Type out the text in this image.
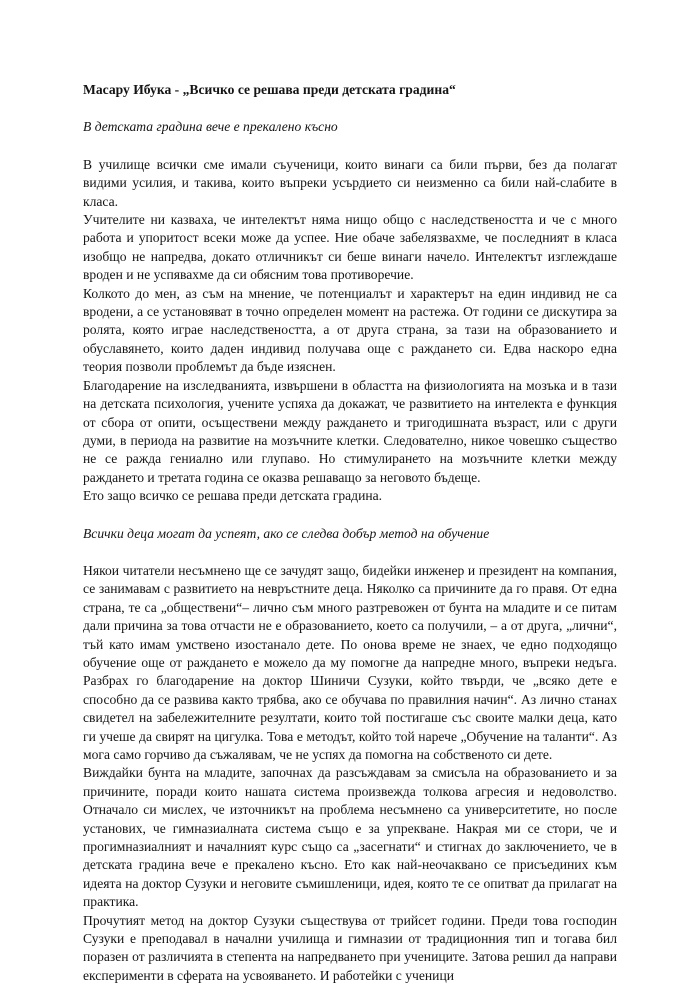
Масару Ибука - „Всичко се решава преди детската градина“

В детската градина вече е прекалено късно

В училище всички сме имали съученици, които винаги са били първи, без да полагат видими усилия, и такива, които въпреки усърдието си неизменно са били най-слабите в класа.

Учителите ни казваха, че интелектът няма нищо общо с наследствеността и че с много работа и упоритост всеки може да успее. Ние обаче забелязвахме, че последният в класа изобщо не напредва, докато отличникът си беше винаги начело. Интелектът изглеждаше вроден и не успявахме да си обясним това противоречие.

Колкото до мен, аз съм на мнение, че потенциалът и характерът на един индивид не са вродени, а се установяват в точно определен момент на растежа. От години се дискутира за ролята, която играе наследствеността, а от друга страна, за тази на образованието и обуславянето, които даден индивид получава още с раждането си. Едва наскоро една теория позволи проблемът да бъде изяснен.

Благодарение на изследванията, извършени в областта на физиологията на мозъка и в тази на детската психология, учените успяха да докажат, че развитието на интелекта е функция от сбора от опити, осъществени между раждането и тригодишната възраст, или с други думи, в периода на развитие на мозъчните клетки. Следователно, никое човешко същество не се ражда гениално или глупаво. Но стимулирането на мозъчните клетки между раждането и третата година се оказва решаващо за неговото бъдеще.

Ето защо всичко се решава преди детската градина.

Всички деца могат да успеят, ако се следва добър метод на обучение

Някои читатели несъмнено ще се зачудят защо, бидейки инженер и президент на компания, се занимавам с развитието на невръстните деца. Няколко са причините да го правя. От една страна, те са „обществени“– лично съм много разтревожен от бунта на младите и се питам дали причина за това отчасти не е образованието, което са получили, – а от друга, „лични“, тъй като имам умствено изостанало дете. По онова време не знаех, че едно подходящо обучение още от раждането е можело да му помогне да напредне много, въпреки недъга. Разбрах го благодарение на доктор Шиничи Сузуки, който твърди, че „всяко дете е способно да се развива както трябва, ако се обучава по правилния начин“. Аз лично станах свидетел на забележителните резултати, които той постигаше със своите малки деца, като ги учеше да свирят на цигулка. Това е методът, който той нарече „Обучение на таланти“. Аз мога само горчиво да съжалявам, че не успях да помогна на собственото си дете.

Виждайки бунта на младите, започнах да разсъждавам за смисъла на образованието и за причините, поради които нашата система произвежда толкова агресия и недоволство. Отначало си мислех, че източникът на проблема несъмнено са университетите, но после установих, че гимназиалната система също е за упрекване. Накрая ми се стори, че и прогимназиалният и началният курс също са „засегнати“ и стигнах до заключението, че в детската градина вече е прекалено късно. Ето как най-неочаквано се присъединих към идеята на доктор Сузуки и неговите съмишленици, идея, която те се опитват да прилагат на практика.

Прочутият метод на доктор Сузуки съществува от трийсет години. Преди това господин Сузуки е преподавал в начални училища и гимназии от традиционния тип и тогава бил поразен от различията в степента на напредването при учениците. Затова решил да направи експерименти в сферата на усвояването. И работейки с ученици
